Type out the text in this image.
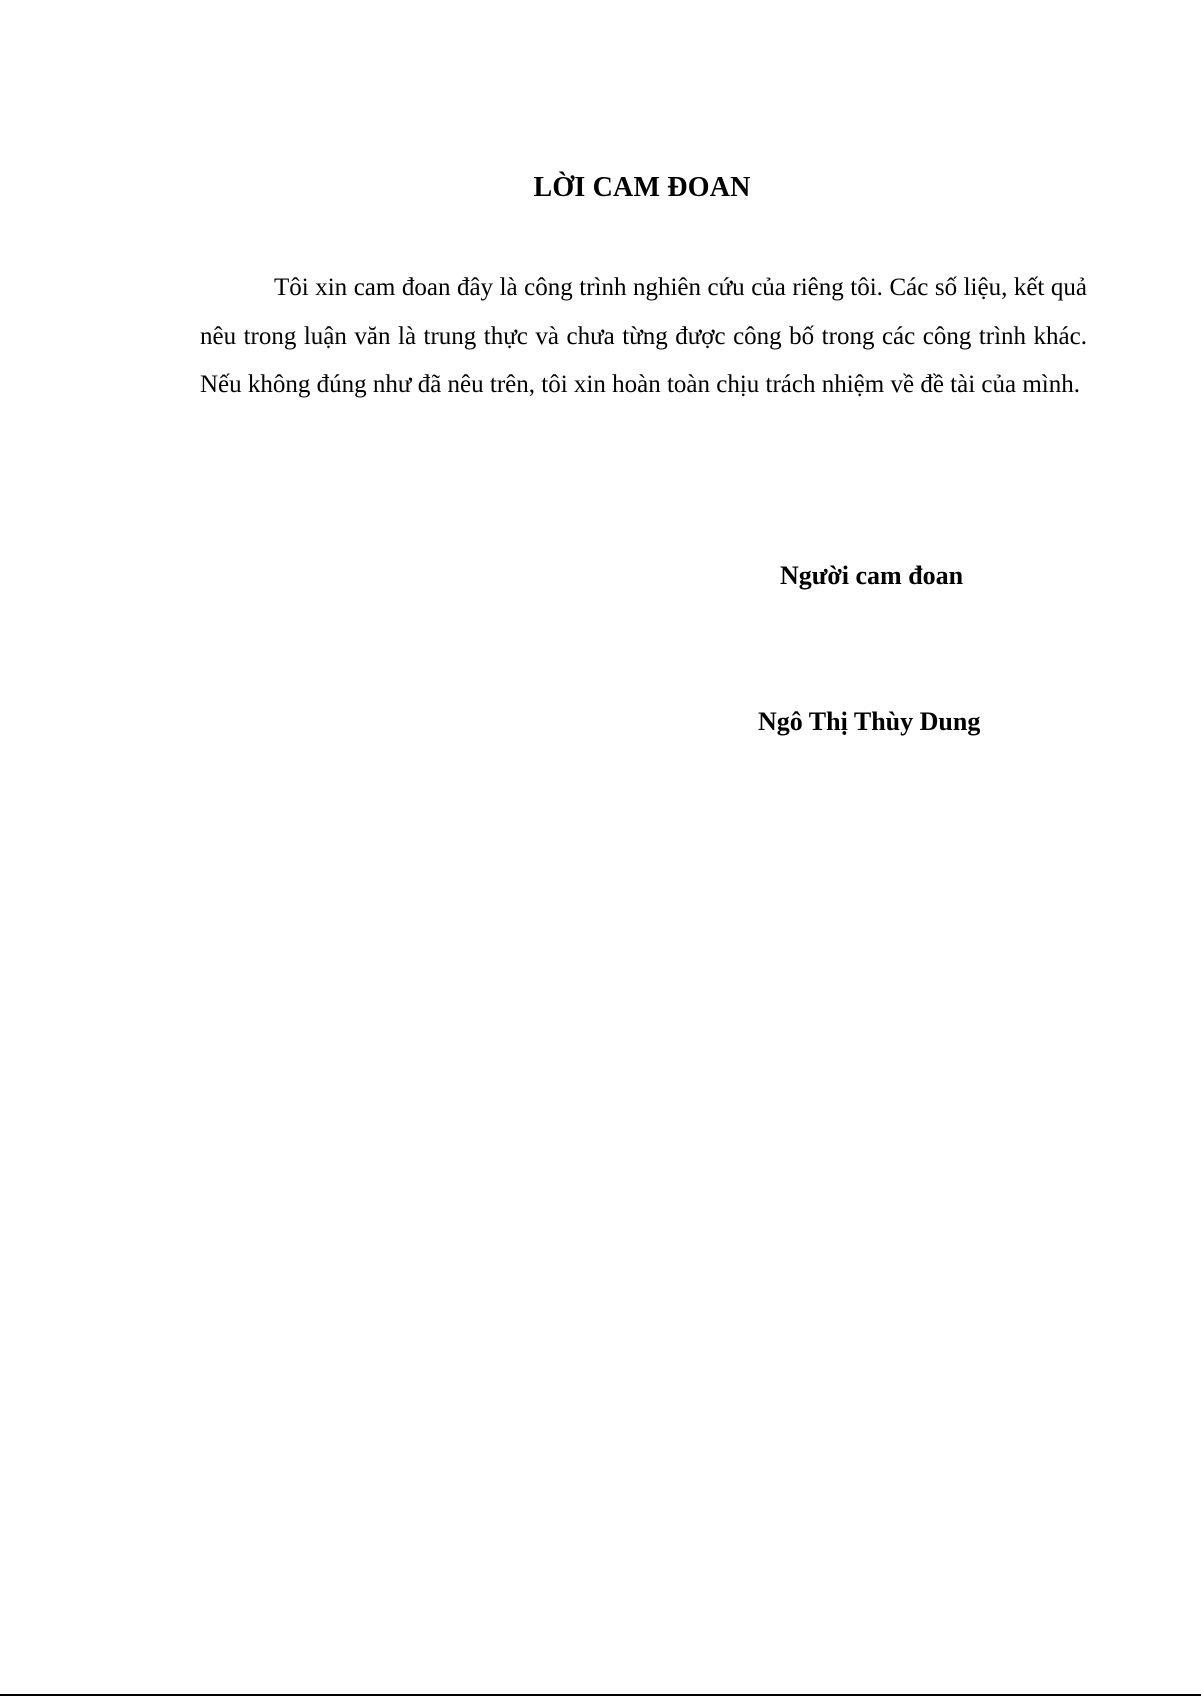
LỜI CAM ĐOAN

Tôi xin cam đoan đây là công trình nghiên cứu của riêng tôi. Các số liệu, kết quả nêu trong luận văn là trung thực và chưa từng được công bố trong các công trình khác. Nếu không đúng như đã nêu trên, tôi xin hoàn toàn chịu trách nhiệm về đề tài của mình.

Người cam đoan
Ngô Thị Thùy Dung
